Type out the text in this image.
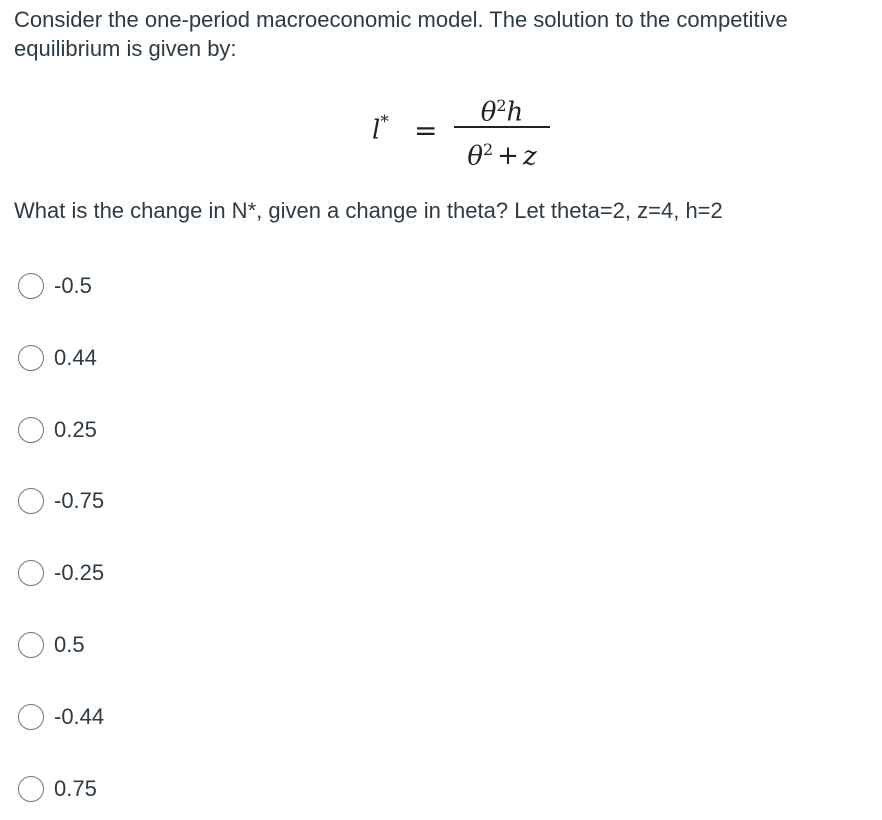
Consider the one-period macroeconomic model. The solution to the competitive equilibrium is given by:

l* =
$\theta^2h$
$\theta^2 + z$

What is the change in N*, given a change in theta? Let theta=2, z=4, h=2

-0.5
0.44
0.25
-0.75
-0.25
0.5
-0.44
0.75
